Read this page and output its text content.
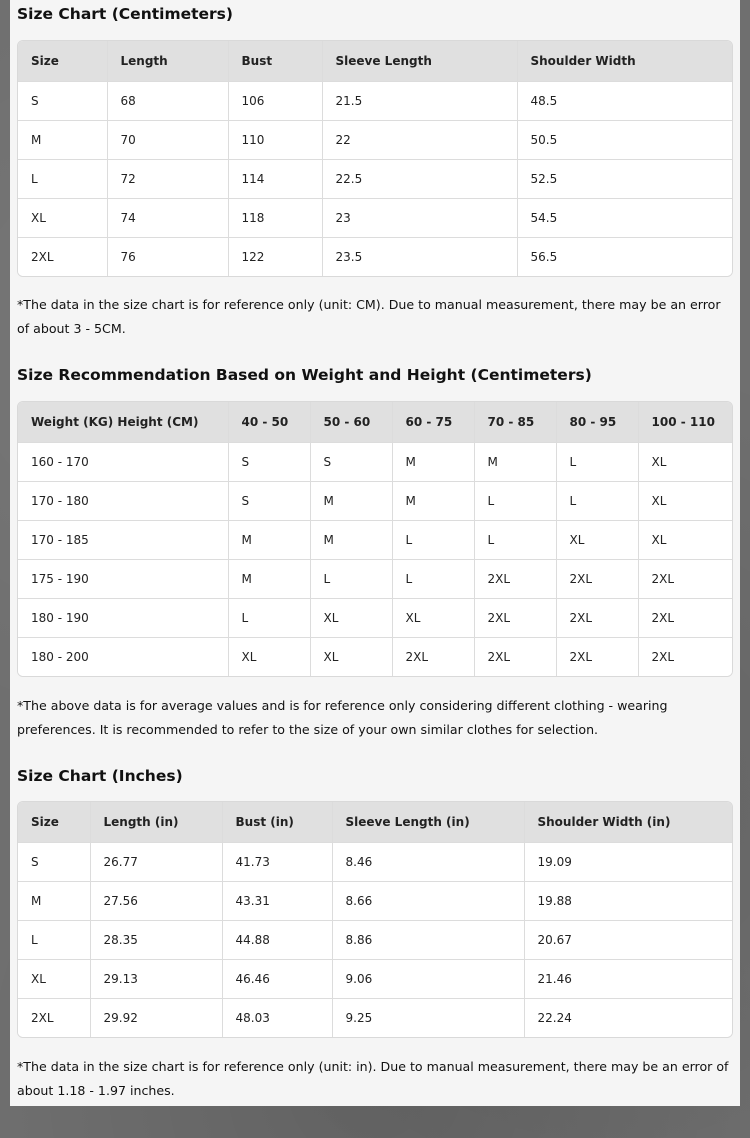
Size Chart (Centimeters)
Size	Length	Bust	Sleeve Length	Shoulder Width
S	68	106	21.5	48.5
M	70	110	22	50.5
L	72	114	22.5	52.5
XL	74	118	23	54.5
2XL	76	122	23.5	56.5

*The data in the size chart is for reference only (unit: CM). Due to manual measurement, there may be an error of about 3 - 5CM.

Size Recommendation Based on Weight and Height (Centimeters)
Weight (KG) Height (CM)	40 - 50	50 - 60	60 - 75	70 - 85	80 - 95	100 - 110
160 - 170	S	S	M	M	L	XL
170 - 180	S	M	M	L	L	XL
170 - 185	M	M	L	L	XL	XL
175 - 190	M	L	L	2XL	2XL	2XL
180 - 190	L	XL	XL	2XL	2XL	2XL
180 - 200	XL	XL	2XL	2XL	2XL	2XL

*The above data is for average values and is for reference only considering different clothing - wearing preferences. It is recommended to refer to the size of your own similar clothes for selection.

Size Chart (Inches)
Size	Length (in)	Bust (in)	Sleeve Length (in)	Shoulder Width (in)
S	26.77	41.73	8.46	19.09
M	27.56	43.31	8.66	19.88
L	28.35	44.88	8.86	20.67
XL	29.13	46.46	9.06	21.46
2XL	29.92	48.03	9.25	22.24

*The data in the size chart is for reference only (unit: in). Due to manual measurement, there may be an error of about 1.18 - 1.97 inches.
